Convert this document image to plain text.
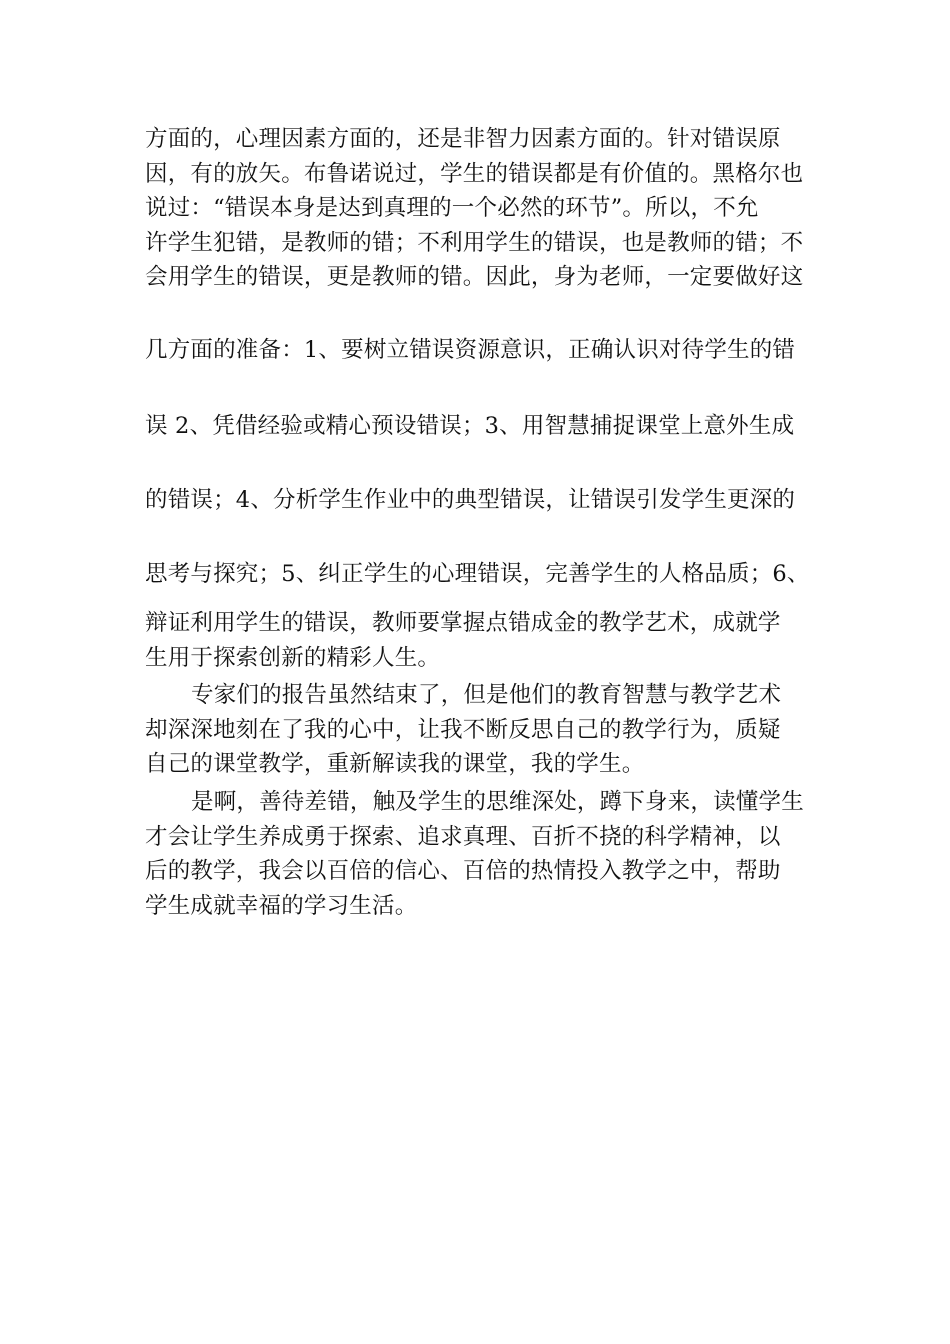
方面的，心理因素方面的，还是非智力因素方面的。针对错误原
因，有的放矢。布鲁诺说过，学生的错误都是有价值的。黑格尔也
说过：“错误本身是达到真理的一个必然的环节”。所以，不允
许学生犯错，是教师的错；不利用学生的错误，也是教师的错；不
会用学生的错误，更是教师的错。因此，身为老师，一定要做好这
几方面的准备：1、要树立错误资源意识，正确认识对待学生的错
误 2、凭借经验或精心预设错误；3、用智慧捕捉课堂上意外生成
的错误；4、分析学生作业中的典型错误，让错误引发学生更深的
思考与探究；5、纠正学生的心理错误，完善学生的人格品质；6、
辩证利用学生的错误，教师要掌握点错成金的教学艺术，成就学
生用于探索创新的精彩人生。
专家们的报告虽然结束了，但是他们的教育智慧与教学艺术
却深深地刻在了我的心中，让我不断反思自己的教学行为，质疑
自己的课堂教学，重新解读我的课堂，我的学生。
是啊，善待差错，触及学生的思维深处，蹲下身来，读懂学生
才会让学生养成勇于探索、追求真理、百折不挠的科学精神，以
后的教学，我会以百倍的信心、百倍的热情投入教学之中，帮助
学生成就幸福的学习生活。
